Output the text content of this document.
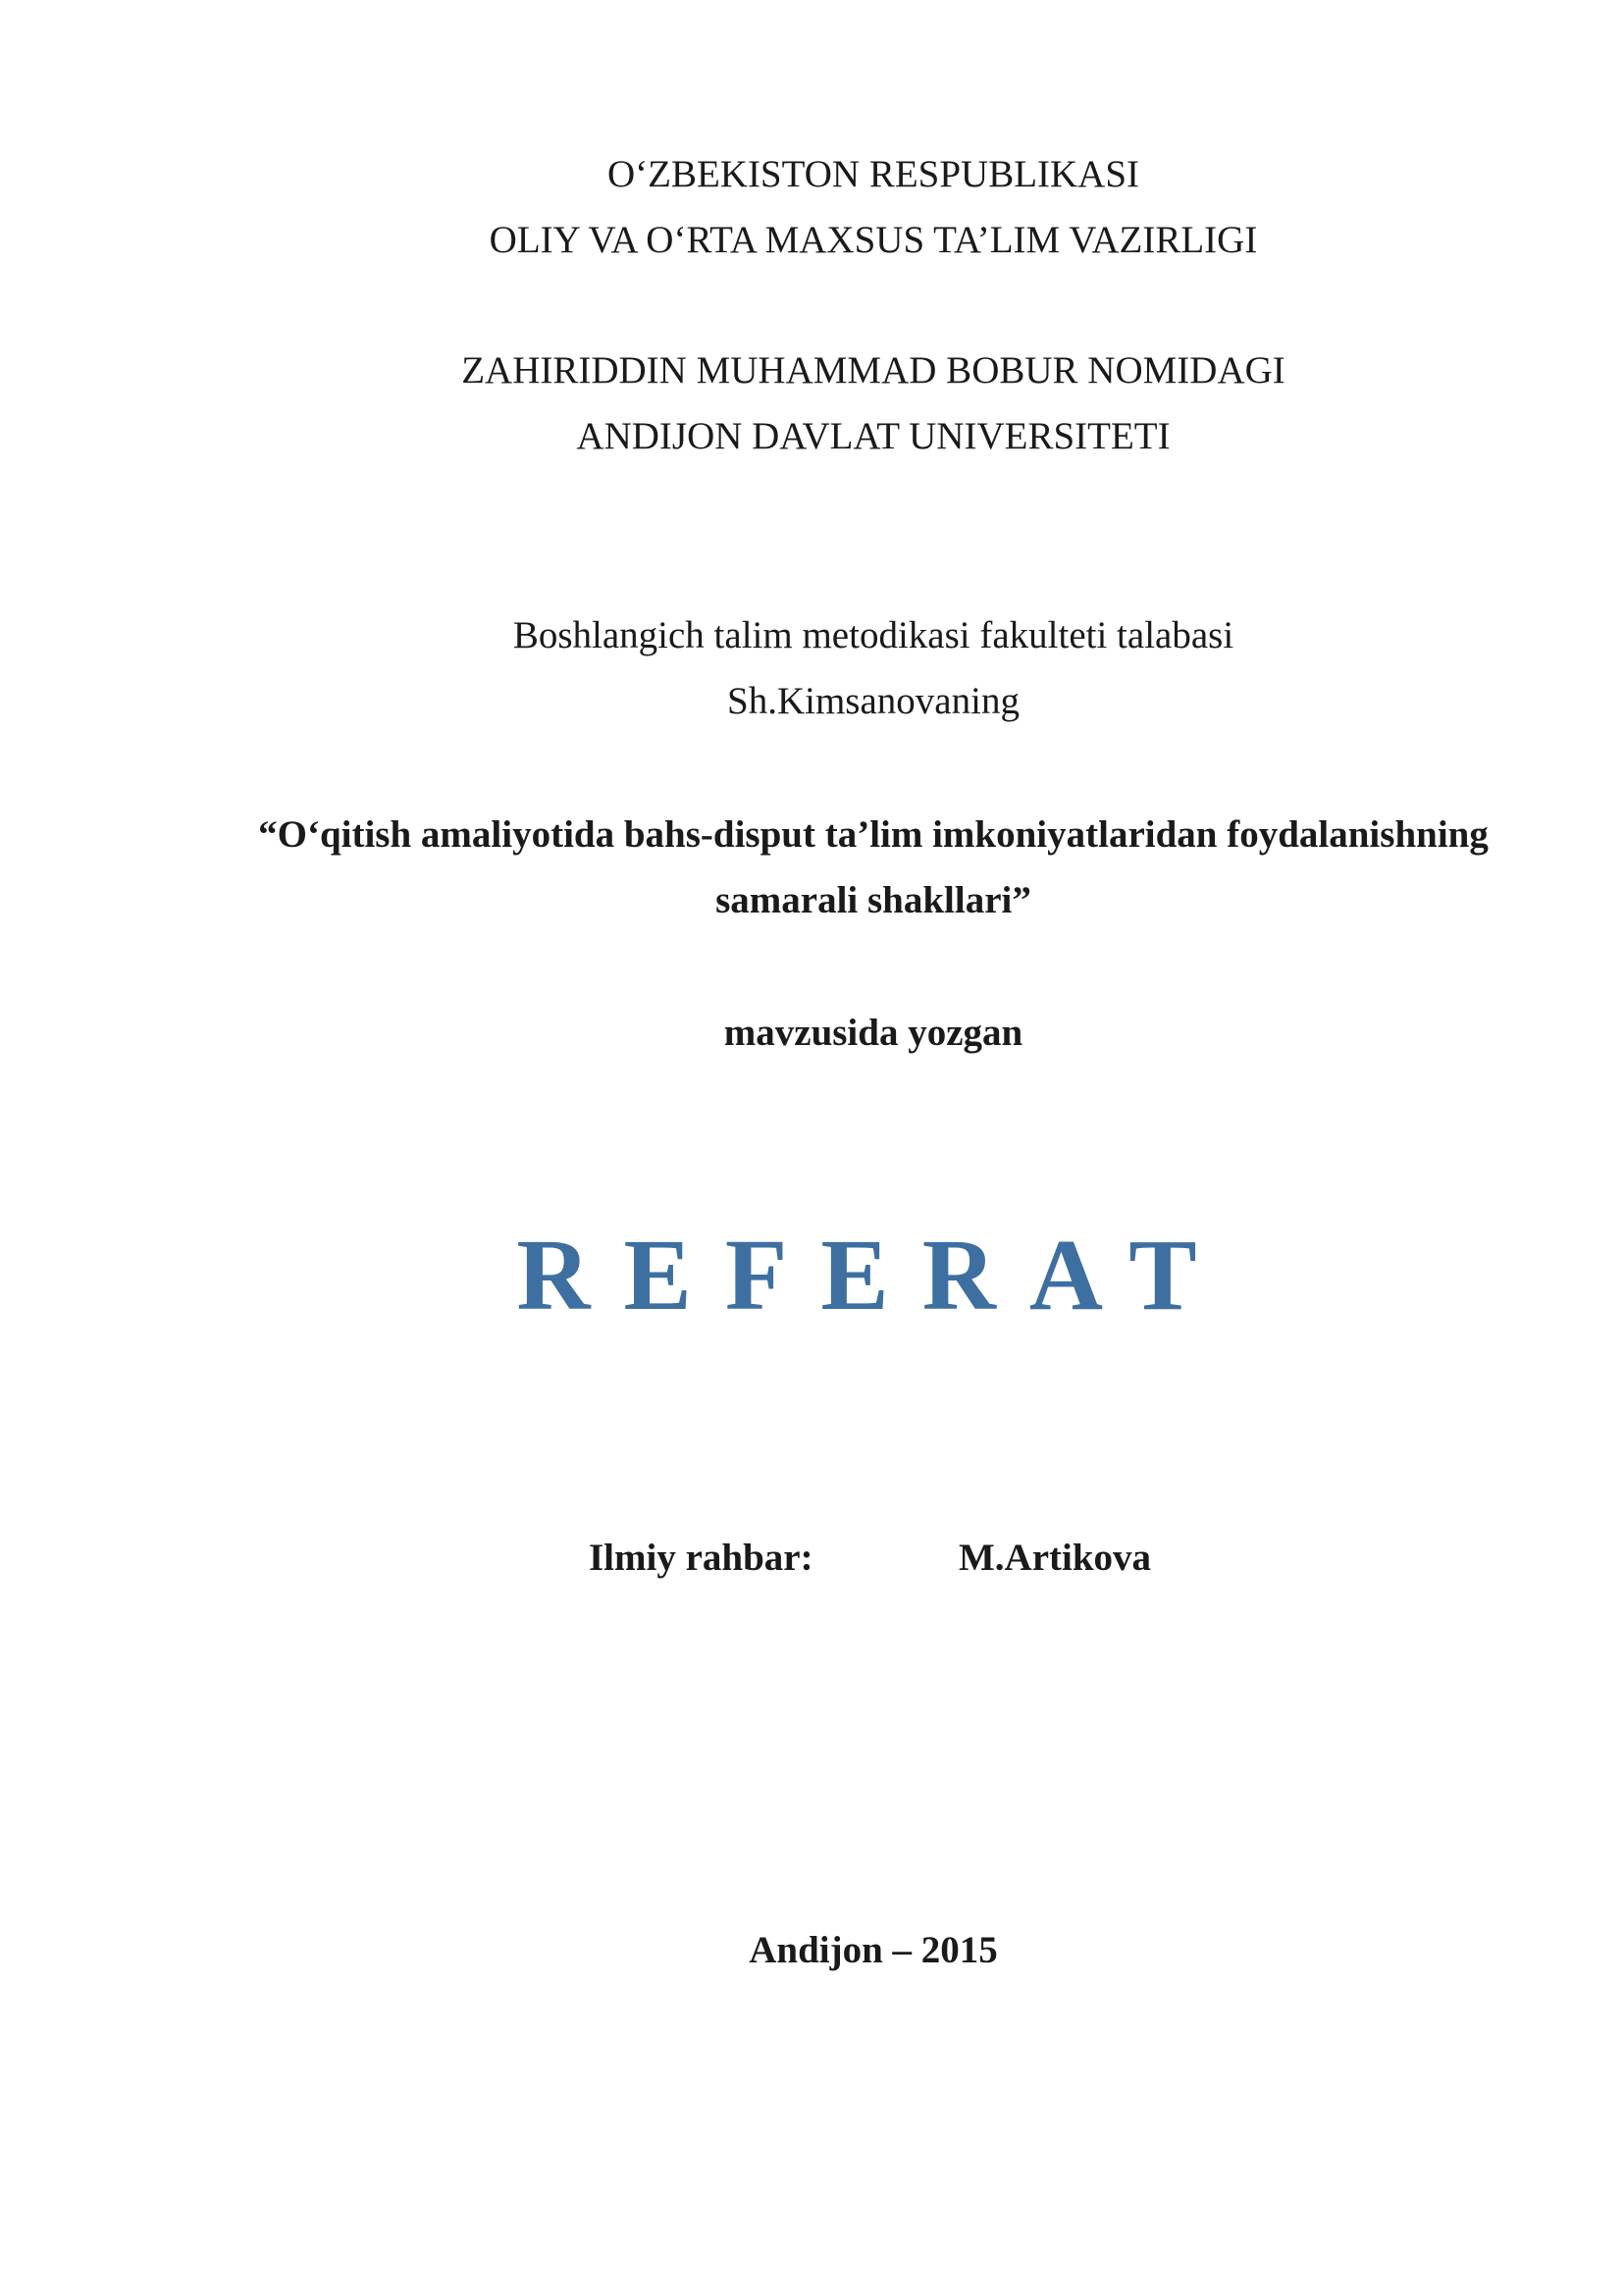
O‘ZBEKISTON RESPUBLIKASI
OLIY VA O‘RTA MAXSUS TA’LIM VAZIRLIGI
ZAHIRIDDIN MUHAMMAD BOBUR NOMIDAGI
ANDIJON DAVLAT UNIVERSITETI
Boshlangich talim metodikasi fakulteti talabasi
Sh.Kimsanovaning
“O‘qitish amaliyotida bahs-disput ta’lim imkoniyatlaridan foydalanishning
samarali shakllari”
mavzusida yozgan
REFERAT
Ilmiy rahbar:	M.Artikova
Andijon – 2015
